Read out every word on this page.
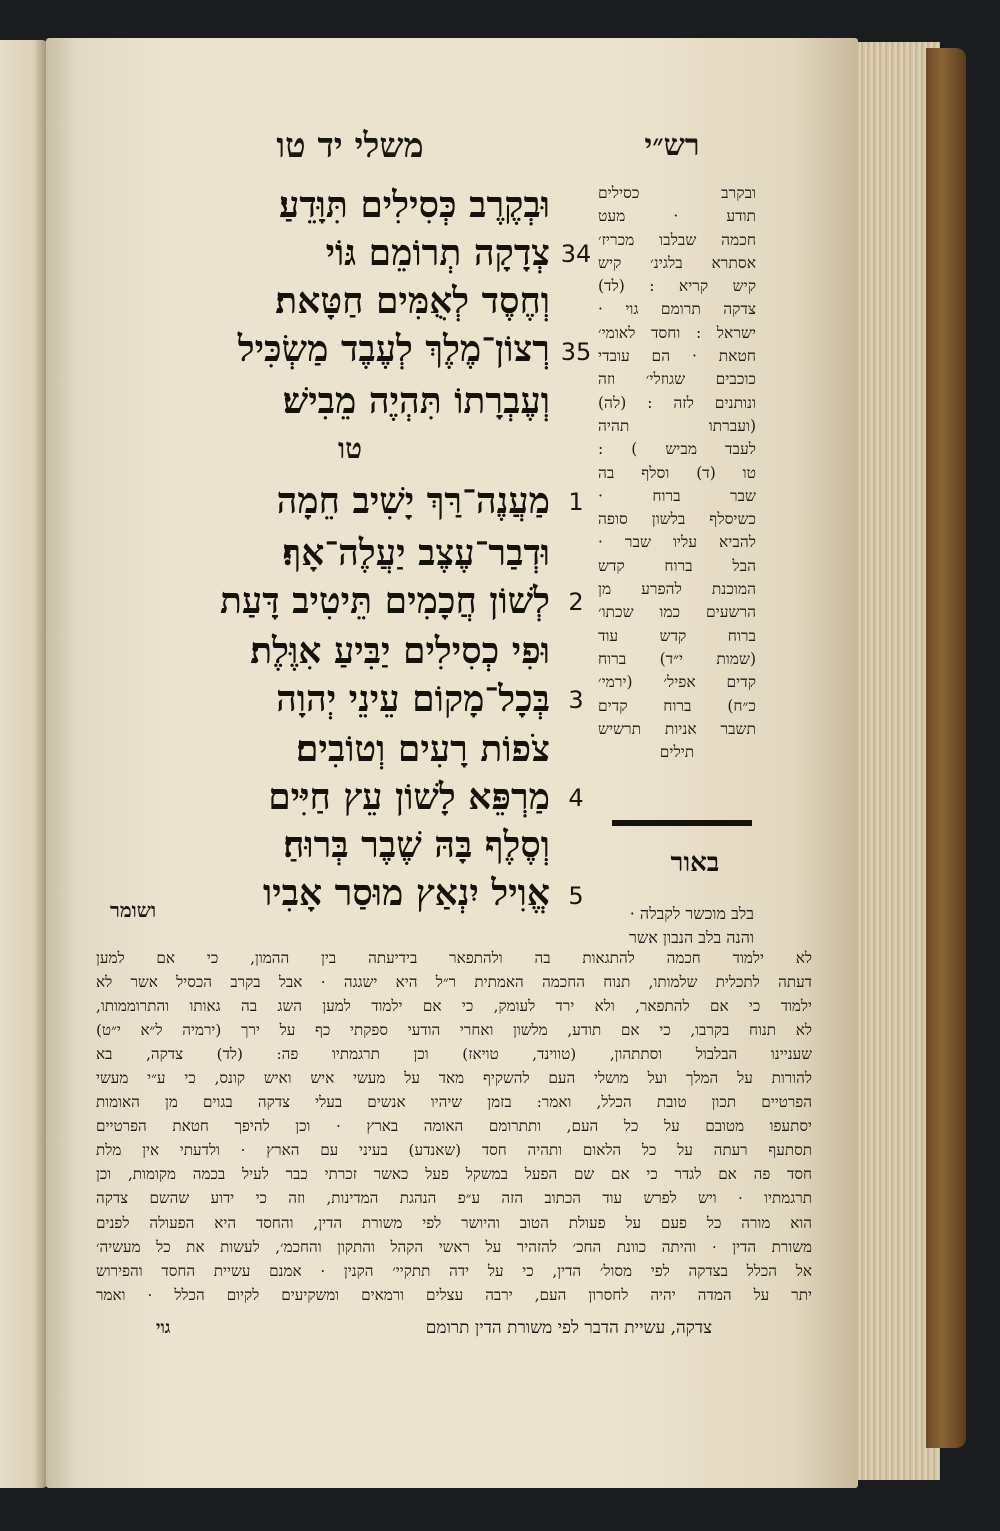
משלי יד טו	רש״י
וּבְקֶרֶב כְּסִילִים תִּוָּדֵעַ׃
צְדָקָה תְרוֹמֵם גּוֹי 34
וְחֶסֶד לְאֻמִּים חַטָּאת׃
רְצוֹן־מֶלֶךְ לְעֶבֶד מַשְׂכִּיל 35
וְעֶבְרָתוֹ תִּהְיֶה מֵבִישׁ׃
טו
מַעֲנֶה־רַּךְ יָשִׁיב חֵמָה 1
וּדְבַר־עֶצֶב יַעֲלֶה־אָף׃
לְשׁוֹן חֲכָמִים תֵּיטִיב דָּעַת 2
וּפִי כְסִילִים יַבִּיעַ אִוֶּלֶת׃
בְּכָל־מָקוֹם עֵינֵי יְהוָה 3
צֹפוֹת רָעִים וְטוֹבִים׃
מַרְפֵּא לָשׁוֹן עֵץ חַיִּים 4
וְסֶלֶף בָּהּ שֶׁבֶר בְּרוּחַ׃
אֱוִיל יִנְאַץ מוּסַר אָבִיו 5
ושומר
ובקרב כסילים
תודע · מעט
חכמה שבלבו מכריז׳
אסתרא בלגינ׳ קיש
קיש קריא : (לד)
צדקה תרומם גוי ·
ישראל : וחסד לאומי׳
חטאת · הם עובדי
כוכבים שגוזלי׳ וזה
ונותנים לזה : (לה)
(ועברתו תהיה
לעבד מביש ) :
טו (ד) וסלף בה
שבר ברוח ·
כשיסלף בלשון סופה
להביא עליו שבר ·
הבל ברוח קדש
המוכנת להפרע מן
הרשעים כמו שכתו׳
ברוח קדש עוד
(שמות י״ד) ברוח
קדים אפיל׳ (ירמי׳
כ״ח) ברוח קדים
תשבר אניות תרשיש
תילים
באור
בלב מוכשר לקבלה ·
והנה בלב הנבון אשר
לא ילמוד חכמה להתגאות בה ולהתפאר בידיעתה בין ההמון, כי אם למען
דעתה לתכלית שלמותו, תנוח החכמה האמתית ר״ל היא ישגגה · אבל בקרב הכסיל אשר לא
ילמוד כי אם להתפאר, ולא ירד לעומק, כי אם ילמוד למען השג בה גאותו והתרוממותו,
לא תנוח בקרבו, כי אם תודע, מלשון ואחרי הודעי ספקתי כף על ירך (ירמיה ל״א י״ט)
שעניינו הבלבול וסתתהון, (טווינד, טויאז) וכן תרגמתיו פה: (לד) צדקה, בא
להורות על המלך ועל מושלי העם להשקיף מאד על מעשי איש ואיש קונס, כי ע״י מעשי
הפרטיים תכון טובת הכלל, ואמר: בזמן שיהיו אנשים בעלי צדקה בגוים מן האומות
יסתעפו מטובם על כל העם, ותתרומם האומה בארץ · וכן להיפך חטאת הפרטיים
תסתעף רעתה על כל הלאום ותהיה חסד (שאנדע) בעיני עם הארץ · ולדעתי אין מלת
חסד פה אם לגדר כי אם שם הפעל במשקל פעל כאשר זכרתי כבר לעיל בכמה מקומות, וכן
תרגמתיו · ויש לפרש עוד הכתוב הזה ע״פ הנהגת המדינות, וזה כי ידוע שהשם צדקה
הוא מורה כל פעם על פעולת הטוב והיושר לפי משורת הדין, והחסד היא הפעולה לפנים
משורת הדין · והיתה כוונת החכ׳ להזהיר על ראשי הקהל והתקון והחכמ׳, לעשות את כל מעשיה׳
אל הכלל בצדקה לפי מסול׳ הדין, כי על ידה תתקיי׳ הקנין · אמנם עשיית החסד והפירוש
יתר על המדה יהיה לחסרון העם, ירבה עצלים ורמאים ומשקיעים לקיום הכלל · ואמר
צדקה, עשיית הדבר לפי משורת הדין תרומם
גוי
